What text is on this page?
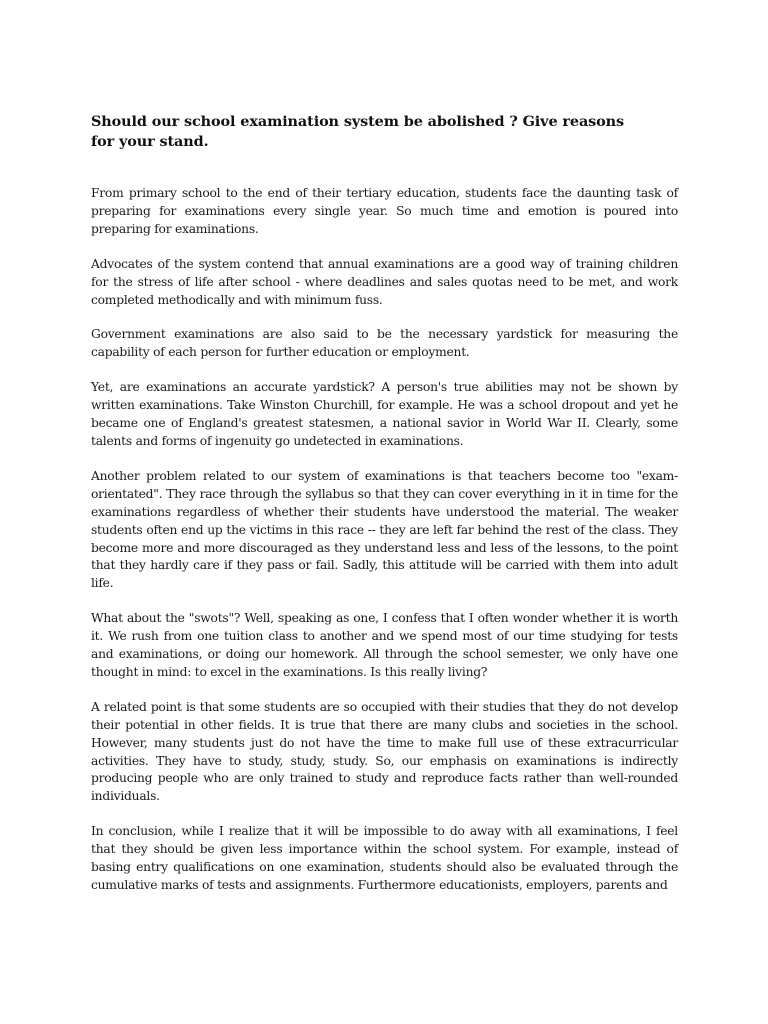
Should our school examination system be abolished ? Give reasons for your stand.

From primary school to the end of their tertiary education, students face the daunting task of preparing for examinations every single year. So much time and emotion is poured into preparing for examinations.

Advocates of the system contend that annual examinations are a good way of training children for the stress of life after school - where deadlines and sales quotas need to be met, and work completed methodically and with minimum fuss.

Government examinations are also said to be the necessary yardstick for measuring the capability of each person for further education or employment.

Yet, are examinations an accurate yardstick? A person's true abilities may not be shown by written examinations. Take Winston Churchill, for example. He was a school dropout and yet he became one of England's greatest statesmen, a national savior in World War II. Clearly, some talents and forms of ingenuity go undetected in examinations.

Another problem related to our system of examinations is that teachers become too "exam-orientated". They race through the syllabus so that they can cover everything in it in time for the examinations regardless of whether their students have understood the material. The weaker students often end up the victims in this race -- they are left far behind the rest of the class. They become more and more discouraged as they understand less and less of the lessons, to the point that they hardly care if they pass or fail. Sadly, this attitude will be carried with them into adult life.

What about the "swots"? Well, speaking as one, I confess that I often wonder whether it is worth it. We rush from one tuition class to another and we spend most of our time studying for tests and examinations, or doing our homework. All through the school semester, we only have one thought in mind: to excel in the examinations. Is this really living?

A related point is that some students are so occupied with their studies that they do not develop their potential in other fields. It is true that there are many clubs and societies in the school. However, many students just do not have the time to make full use of these extracurricular activities. They have to study, study, study. So, our emphasis on examinations is indirectly producing people who are only trained to study and reproduce facts rather than well-rounded individuals.

In conclusion, while I realize that it will be impossible to do away with all examinations, I feel that they should be given less importance within the school system. For example, instead of basing entry qualifications on one examination, students should also be evaluated through the cumulative marks of tests and assignments. Furthermore educationists, employers, parents and
